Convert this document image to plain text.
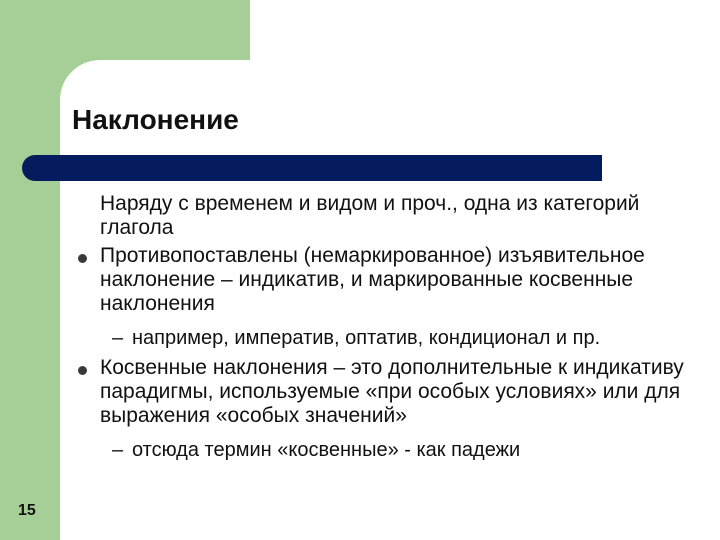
Наклонение
Наряду с временем и видом и проч., одна из категорий глагола
Противопоставлены (немаркированное) изъявительное наклонение – индикатив, и маркированные косвенные наклонения
– например, императив, оптатив, кондиционал и пр.
Косвенные наклонения – это дополнительные к индикативу парадигмы, используемые «при особых условиях» или для выражения «особых значений»
– отсюда термин «косвенные» - как падежи
15
